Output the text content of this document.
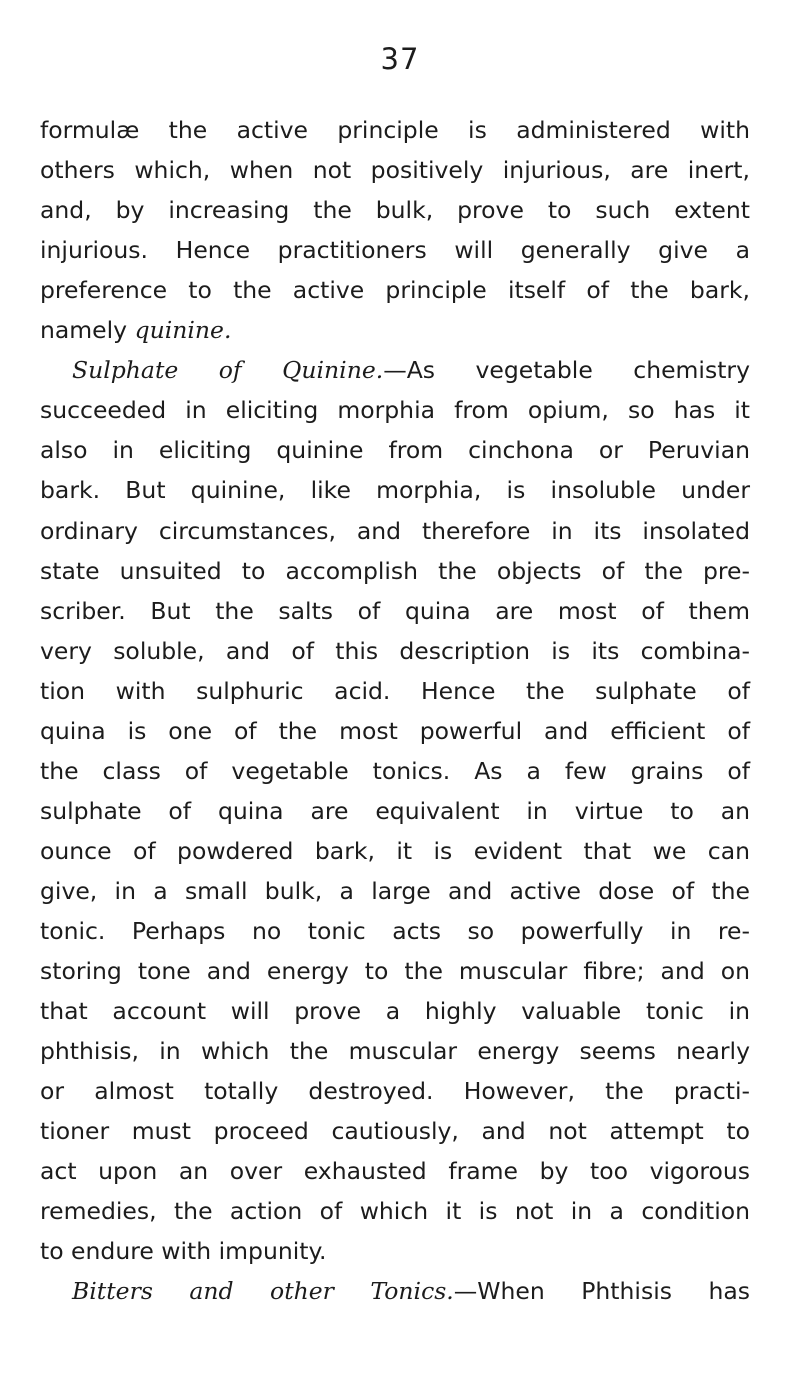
37
formulæ the active principle is administered with
others which, when not positively injurious, are inert,
and, by increasing the bulk, prove to such extent
injurious. Hence practitioners will generally give a
preference to the active principle itself of the bark,
namely quinine.
Sulphate of Quinine.—As vegetable chemistry
succeeded in eliciting morphia from opium, so has it
also in eliciting quinine from cinchona or Peruvian
bark. But quinine, like morphia, is insoluble under
ordinary circumstances, and therefore in its insolated
state unsuited to accomplish the objects of the pre-
scriber. But the salts of quina are most of them
very soluble, and of this description is its combina-
tion with sulphuric acid. Hence the sulphate of
quina is one of the most powerful and efficient of
the class of vegetable tonics. As a few grains of
sulphate of quina are equivalent in virtue to an
ounce of powdered bark, it is evident that we can
give, in a small bulk, a large and active dose of the
tonic. Perhaps no tonic acts so powerfully in re-
storing tone and energy to the muscular fibre; and on
that account will prove a highly valuable tonic in
phthisis, in which the muscular energy seems nearly
or almost totally destroyed. However, the practi-
tioner must proceed cautiously, and not attempt to
act upon an over exhausted frame by too vigorous
remedies, the action of which it is not in a condition
to endure with impunity.
Bitters and other Tonics.—When Phthisis has
